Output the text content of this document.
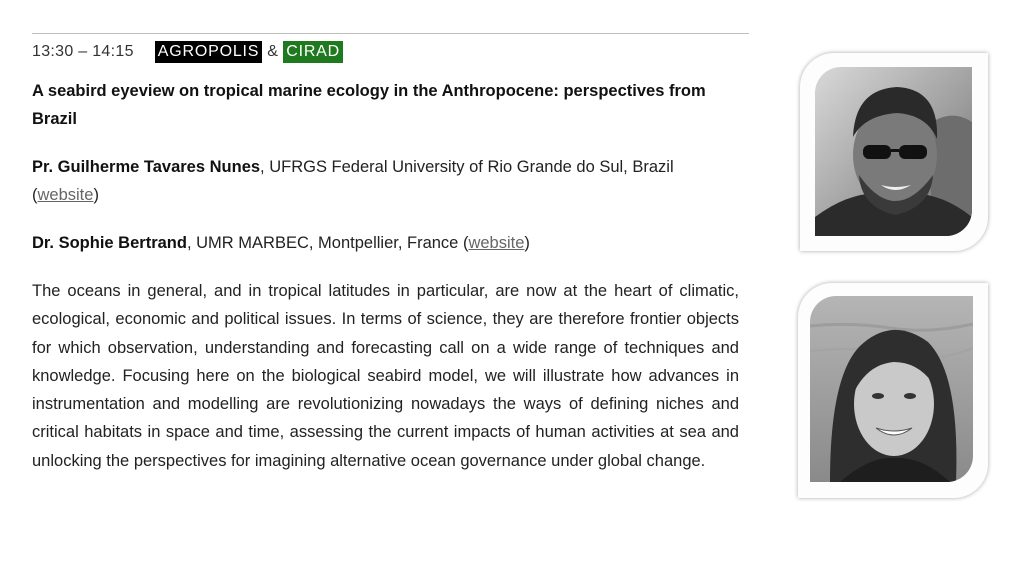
13:30 – 14:15 AGROPOLIS & CIRAD
A seabird eyeview on tropical marine ecology in the Anthropocene: perspectives from Brazil
Pr. Guilherme Tavares Nunes, UFRGS Federal University of Rio Grande do Sul, Brazil
(website)
Dr. Sophie Bertrand, UMR MARBEC, Montpellier, France (website)
The oceans in general, and in tropical latitudes in particular, are now at the heart of climatic, ecological, economic and political issues. In terms of science, they are therefore frontier objects for which observation, understanding and forecasting call on a wide range of techniques and knowledge. Focusing here on the biological seabird model, we will illustrate how advances in instrumentation and modelling are revolutionizing nowadays the ways of defining niches and critical habitats in space and time, assessing the current impacts of human activities at sea and unlocking the perspectives for imagining alternative ocean governance under global change.
